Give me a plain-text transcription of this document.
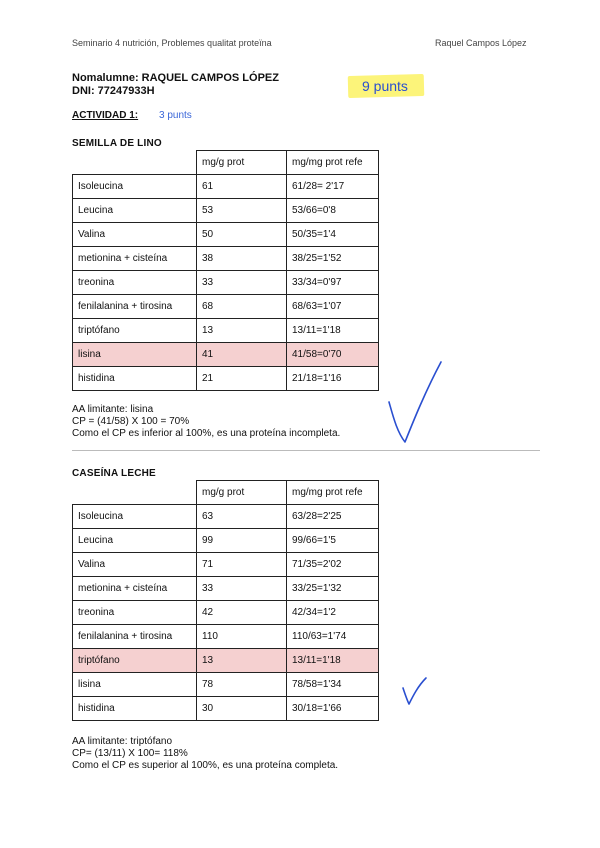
Seminario 4 nutrición, Problemes qualitat proteïna	Raquel Campos López
Nomalumne: RAQUEL CAMPOS LÓPEZ
DNI: 77247933H	9 punts
ACTIVIDAD 1: 3 punts
SEMILLA DE LINO
	mg/g prot	mg/mg prot refe
Isoleucina	61	61/28= 2'17
Leucina	53	53/66=0'8
Valina	50	50/35=1'4
metionina + cisteína	38	38/25=1'52
treonina	33	33/34=0'97
fenilalanina + tirosina	68	68/63=1'07
triptófano	13	13/11=1'18
lisina	41	41/58=0'70
histidina	21	21/18=1'16
AA limitante: lisina
CP = (41/58) X 100 = 70%
Como el CP es inferior al 100%, es una proteína incompleta.
CASEÍNA LECHE
	mg/g prot	mg/mg prot refe
Isoleucina	63	63/28=2'25
Leucina	99	99/66=1'5
Valina	71	71/35=2'02
metionina + cisteína	33	33/25=1'32
treonina	42	42/34=1'2
fenilalanina + tirosina	110	110/63=1'74
triptófano	13	13/11=1'18
lisina	78	78/58=1'34
histidina	30	30/18=1'66
AA limitante: triptófano
CP= (13/11) X 100= 118%
Como el CP es superior al 100%, es una proteína completa.
